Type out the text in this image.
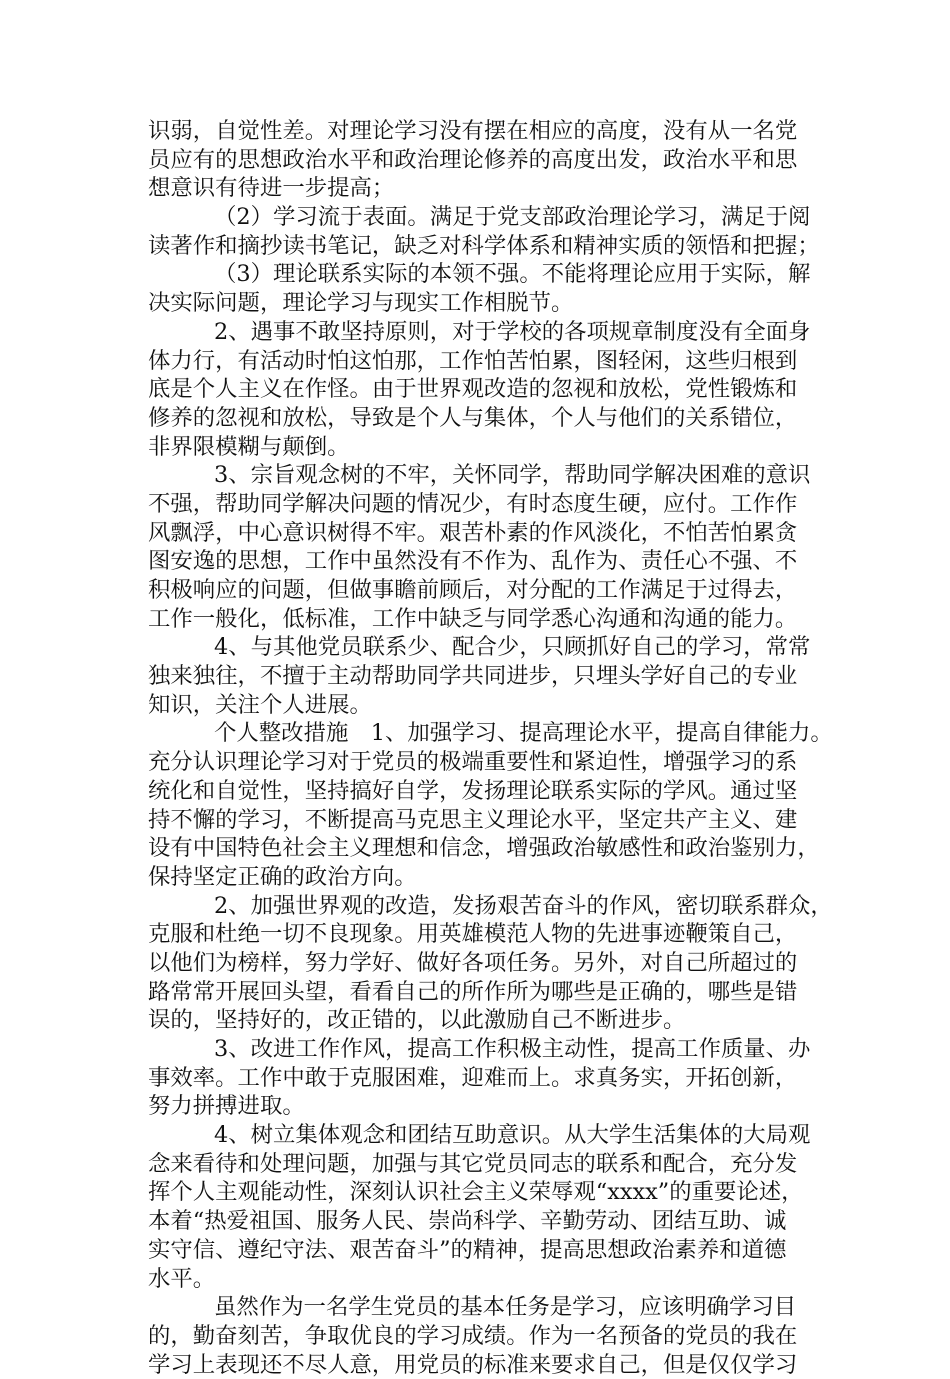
识弱，自觉性差。对理论学习没有摆在相应的高度，没有从一名党
员应有的思想政治水平和政治理论修养的高度出发，政治水平和思
想意识有待进一步提高；
（2）学习流于表面。满足于党支部政治理论学习，满足于阅
读著作和摘抄读书笔记，缺乏对科学体系和精神实质的领悟和把握；
（3）理论联系实际的本领不强。不能将理论应用于实际，解
决实际问题，理论学习与现实工作相脱节。
2、遇事不敢坚持原则，对于学校的各项规章制度没有全面身
体力行，有活动时怕这怕那，工作怕苦怕累，图轻闲，这些归根到
底是个人主义在作怪。由于世界观改造的忽视和放松，党性锻炼和
修养的忽视和放松，导致是个人与集体，个人与他们的关系错位，
非界限模糊与颠倒。
3、宗旨观念树的不牢，关怀同学，帮助同学解决困难的意识
不强，帮助同学解决问题的情况少，有时态度生硬，应付。工作作
风飘浮，中心意识树得不牢。艰苦朴素的作风淡化，不怕苦怕累贪
图安逸的思想，工作中虽然没有不作为、乱作为、责任心不强、不
积极响应的问题，但做事瞻前顾后，对分配的工作满足于过得去，
工作一般化，低标准，工作中缺乏与同学悉心沟通和沟通的能力。
4、与其他党员联系少、配合少，只顾抓好自己的学习，常常
独来独往，不擅于主动帮助同学共同进步，只埋头学好自己的专业
知识，关注个人进展。
个人整改措施　1、加强学习、提高理论水平，提高自律能力。
充分认识理论学习对于党员的极端重要性和紧迫性，增强学习的系
统化和自觉性，坚持搞好自学，发扬理论联系实际的学风。通过坚
持不懈的学习，不断提高马克思主义理论水平，坚定共产主义、建
设有中国特色社会主义理想和信念，增强政治敏感性和政治鉴别力，
保持坚定正确的政治方向。
2、加强世界观的改造，发扬艰苦奋斗的作风，密切联系群众，
克服和杜绝一切不良现象。用英雄模范人物的先进事迹鞭策自己，
以他们为榜样，努力学好、做好各项任务。另外，对自己所超过的
路常常开展回头望，看看自己的所作所为哪些是正确的，哪些是错
误的，坚持好的，改正错的，以此激励自己不断进步。
3、改进工作作风，提高工作积极主动性，提高工作质量、办
事效率。工作中敢于克服困难，迎难而上。求真务实，开拓创新，
努力拼搏进取。
4、树立集体观念和团结互助意识。从大学生活集体的大局观
念来看待和处理问题，加强与其它党员同志的联系和配合，充分发
挥个人主观能动性，深刻认识社会主义荣辱观“xxxx”的重要论述，
本着“热爱祖国、服务人民、崇尚科学、辛勤劳动、团结互助、诚
实守信、遵纪守法、艰苦奋斗”的精神，提高思想政治素养和道德
水平。
虽然作为一名学生党员的基本任务是学习，应该明确学习目
的，勤奋刻苦，争取优良的学习成绩。作为一名预备的党员的我在
学习上表现还不尽人意，用党员的标准来要求自己，但是仅仅学习
